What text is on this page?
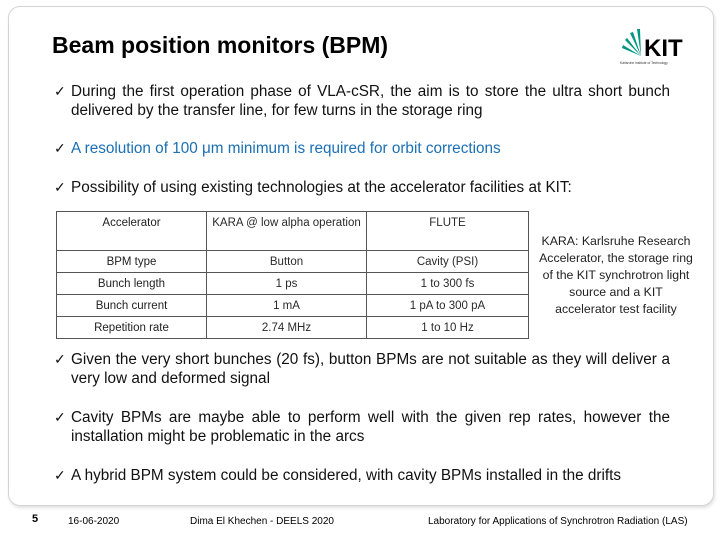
Beam position monitors (BPM)	KIT
Karlsruhe Institute of Technology
✓ During the first operation phase of VLA-cSR, the aim is to store the ultra short bunch delivered by the transfer line, for few turns in the storage ring
✓ A resolution of 100 μm minimum is required for orbit corrections
✓ Possibility of using existing technologies at the accelerator facilities at KIT:
Accelerator	KARA @ low alpha operation	FLUTE
BPM type	Button	Cavity (PSI)
Bunch length	1 ps	1 to 300 fs
Bunch current	1 mA	1 pA to 300 pA
Repetition rate	2.74 MHz	1 to 10 Hz
KARA: Karlsruhe Research Accelerator, the storage ring of the KIT synchrotron light source and a KIT accelerator test facility
✓ Given the very short bunches (20 fs), button BPMs are not suitable as they will deliver a very low and deformed signal
✓ Cavity BPMs are maybe able to perform well with the given rep rates, however the installation might be problematic in the arcs
✓ A hybrid BPM system could be considered, with cavity BPMs installed in the drifts
5	16-06-2020	Dima El Khechen - DEELS 2020	Laboratory for Applications of Synchrotron Radiation (LAS)
